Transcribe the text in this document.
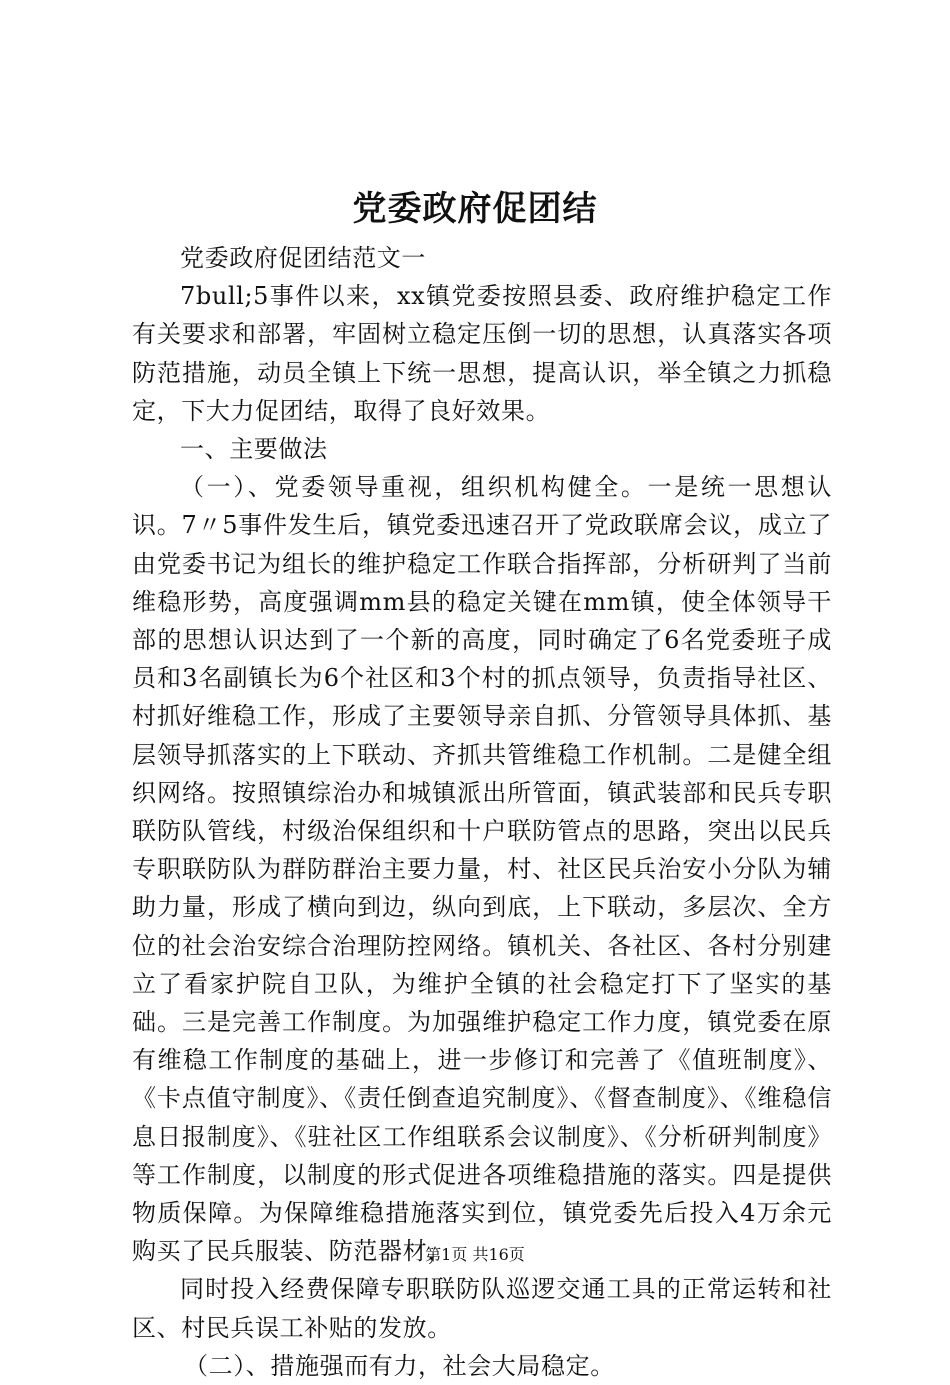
党委政府促团结

党委政府促团结范文一

7bull;5事件以来，xx镇党委按照县委、政府维护稳定工作有关要求和部署，牢固树立稳定压倒一切的思想，认真落实各项防范措施，动员全镇上下统一思想，提高认识，举全镇之力抓稳定，下大力促团结，取得了良好效果。

一、主要做法

（一）、党委领导重视，组织机构健全。一是统一思想认识。7〃5事件发生后，镇党委迅速召开了党政联席会议，成立了由党委书记为组长的维护稳定工作联合指挥部，分析研判了当前维稳形势，高度强调mm县的稳定关键在mm镇，使全体领导干部的思想认识达到了一个新的高度，同时确定了6名党委班子成员和3名副镇长为6个社区和3个村的抓点领导，负责指导社区、村抓好维稳工作，形成了主要领导亲自抓、分管领导具体抓、基层领导抓落实的上下联动、齐抓共管维稳工作机制。二是健全组织网络。按照镇综治办和城镇派出所管面，镇武装部和民兵专职联防队管线，村级治保组织和十户联防管点的思路，突出以民兵专职联防队为群防群治主要力量，村、社区民兵治安小分队为辅助力量，形成了横向到边，纵向到底，上下联动，多层次、全方位的社会治安综合治理防控网络。镇机关、各社区、各村分别建立了看家护院自卫队，为维护全镇的社会稳定打下了坚实的基础。三是完善工作制度。为加强维护稳定工作力度，镇党委在原有维稳工作制度的基础上，进一步修订和完善了《值班制度》、《卡点值守制度》、《责任倒查追究制度》、《督查制度》、《维稳信息日报制度》、《驻社区工作组联系会议制度》、《分析研判制度》等工作制度，以制度的形式促进各项维稳措施的落实。四是提供物质保障。为保障维稳措施落实到位，镇党委先后投入4万余元购买了民兵服装、防范器材，

同时投入经费保障专职联防队巡逻交通工具的正常运转和社区、村民兵误工补贴的发放。

（二）、措施强而有力，社会大局稳定。

第1页 共16页
